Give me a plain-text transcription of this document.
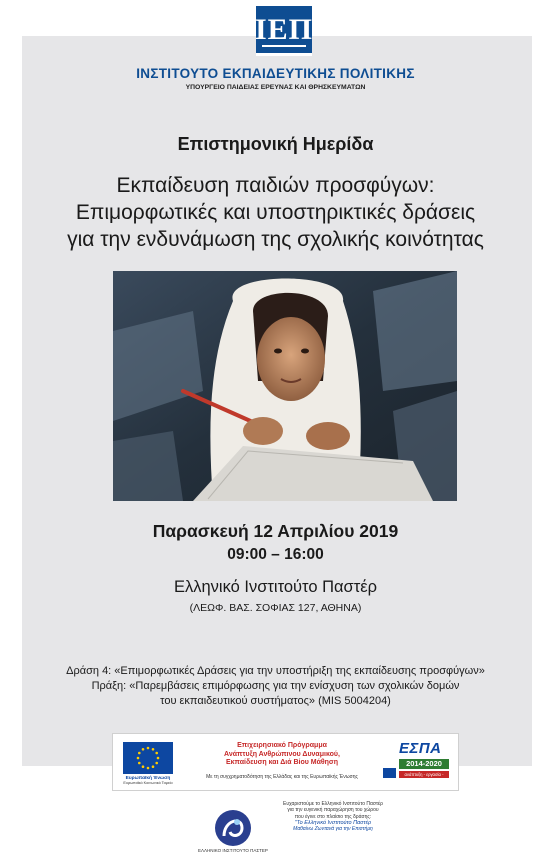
ΙΕΠ
ΙΝΣΤΙΤΟΥΤΟ ΕΚΠΑΙΔΕΥΤΙΚΗΣ ΠΟΛΙΤΙΚΗΣ
ΥΠΟΥΡΓΕΙΟ ΠΑΙΔΕΙΑΣ ΕΡΕΥΝΑΣ ΚΑΙ ΘΡΗΣΚΕΥΜΑΤΩΝ
Επιστημονική Ημερίδα
Εκπαίδευση παιδιών προσφύγων:
Επιμορφωτικές και υποστηρικτικές δράσεις
για την ενδυνάμωση της σχολικής κοινότητας
Παρασκευή 12 Απριλίου 2019
09:00 – 16:00
Ελληνικό Ινστιτούτο Παστέρ
(ΛΕΩΦ. ΒΑΣ. ΣΟΦΙΑΣ 127, ΑΘΗΝΑ)
Δράση 4: «Επιμορφωτικές Δράσεις για την υποστήριξη της εκπαίδευσης προσφύγων»
Πράξη: «Παρεμβάσεις επιμόρφωσης για την ενίσχυση των σχολικών δομών
του εκπαιδευτικού συστήματος» (MIS 5004204)
Ευρωπαϊκή Ένωση
Ευρωπαϊκό Κοινωνικό Ταμείο
Επιχειρησιακό Πρόγραμμα
Ανάπτυξη Ανθρώπινου Δυναμικού,
Εκπαίδευση και Διά Βίου Μάθηση
Με τη συγχρηματοδότηση της Ελλάδας και της Ευρωπαϊκής Ένωσης
ΕΣΠΑ
2014-2020
ανάπτυξη - εργασία - αλληλεγγύη
ΕΛΛΗΝΙΚΟ ΙΝΣΤΙΤΟΥΤΟ ΠΑΣΤΕΡ
Ευχαριστούμε το Ελληνικό Ινστιτούτο Παστέρ
για την ευγενική παραχώρηση του χώρου
που έγινε στο πλαίσιο της δράσης:
"Το Ελληνικό Ινστιτούτο Παστέρ
Μαθαίνω Ζωντανά για την Επιστήμη
